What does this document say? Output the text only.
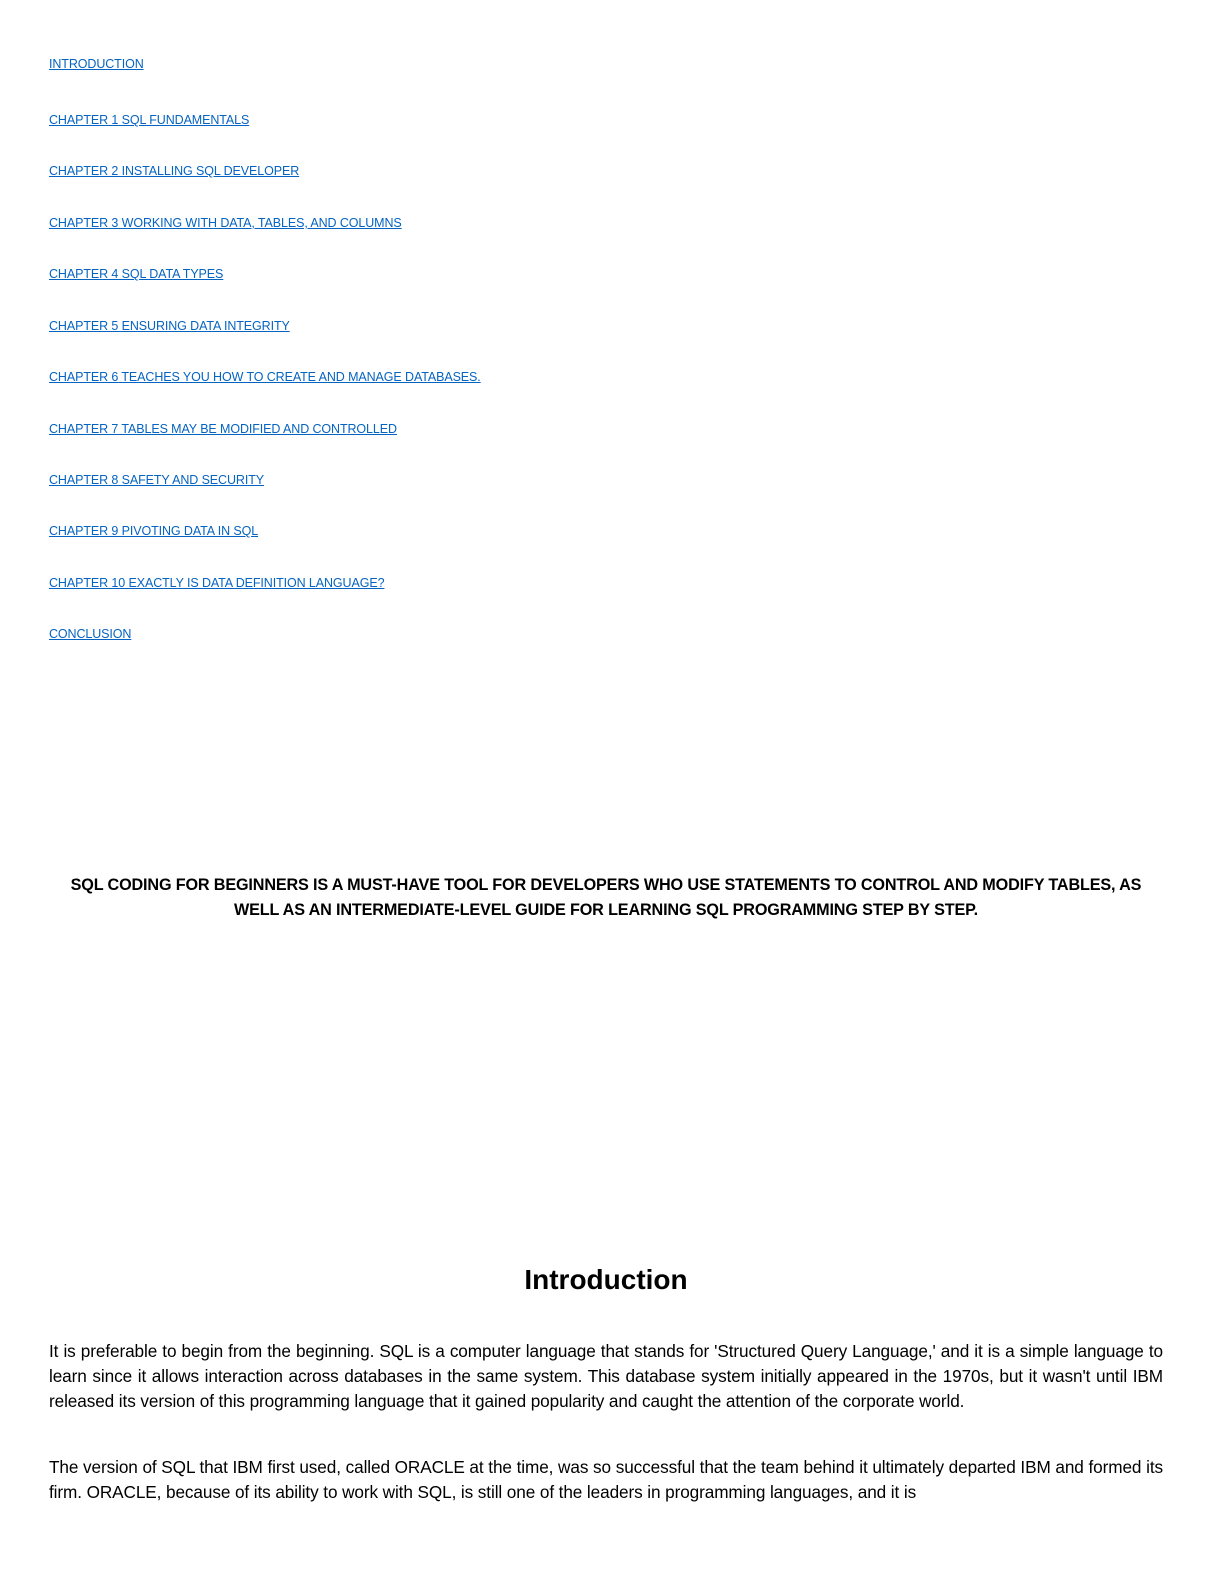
INTRODUCTION
CHAPTER 1 SQL FUNDAMENTALS
CHAPTER 2 INSTALLING SQL DEVELOPER
CHAPTER 3 WORKING WITH DATA, TABLES, AND COLUMNS
CHAPTER 4 SQL DATA TYPES
CHAPTER 5 ENSURING DATA INTEGRITY
CHAPTER 6 TEACHES YOU HOW TO CREATE AND MANAGE DATABASES.
CHAPTER 7 TABLES MAY BE MODIFIED AND CONTROLLED
CHAPTER 8 SAFETY AND SECURITY
CHAPTER 9 PIVOTING DATA IN SQL
CHAPTER 10 EXACTLY IS DATA DEFINITION LANGUAGE?
CONCLUSION
SQL CODING FOR BEGINNERS IS A MUST-HAVE TOOL FOR DEVELOPERS WHO USE STATEMENTS TO CONTROL AND MODIFY TABLES, AS WELL AS AN INTERMEDIATE-LEVEL GUIDE FOR LEARNING SQL PROGRAMMING STEP BY STEP.
Introduction

It is preferable to begin from the beginning. SQL is a computer language that stands for 'Structured Query Language,' and it is a simple language to learn since it allows interaction across databases in the same system. This database system initially appeared in the 1970s, but it wasn't until IBM released its version of this programming language that it gained popularity and caught the attention of the corporate world.

The version of SQL that IBM first used, called ORACLE at the time, was so successful that the team behind it ultimately departed IBM and formed its firm. ORACLE, because of its ability to work with SQL, is still one of the leaders in programming languages, and it is
